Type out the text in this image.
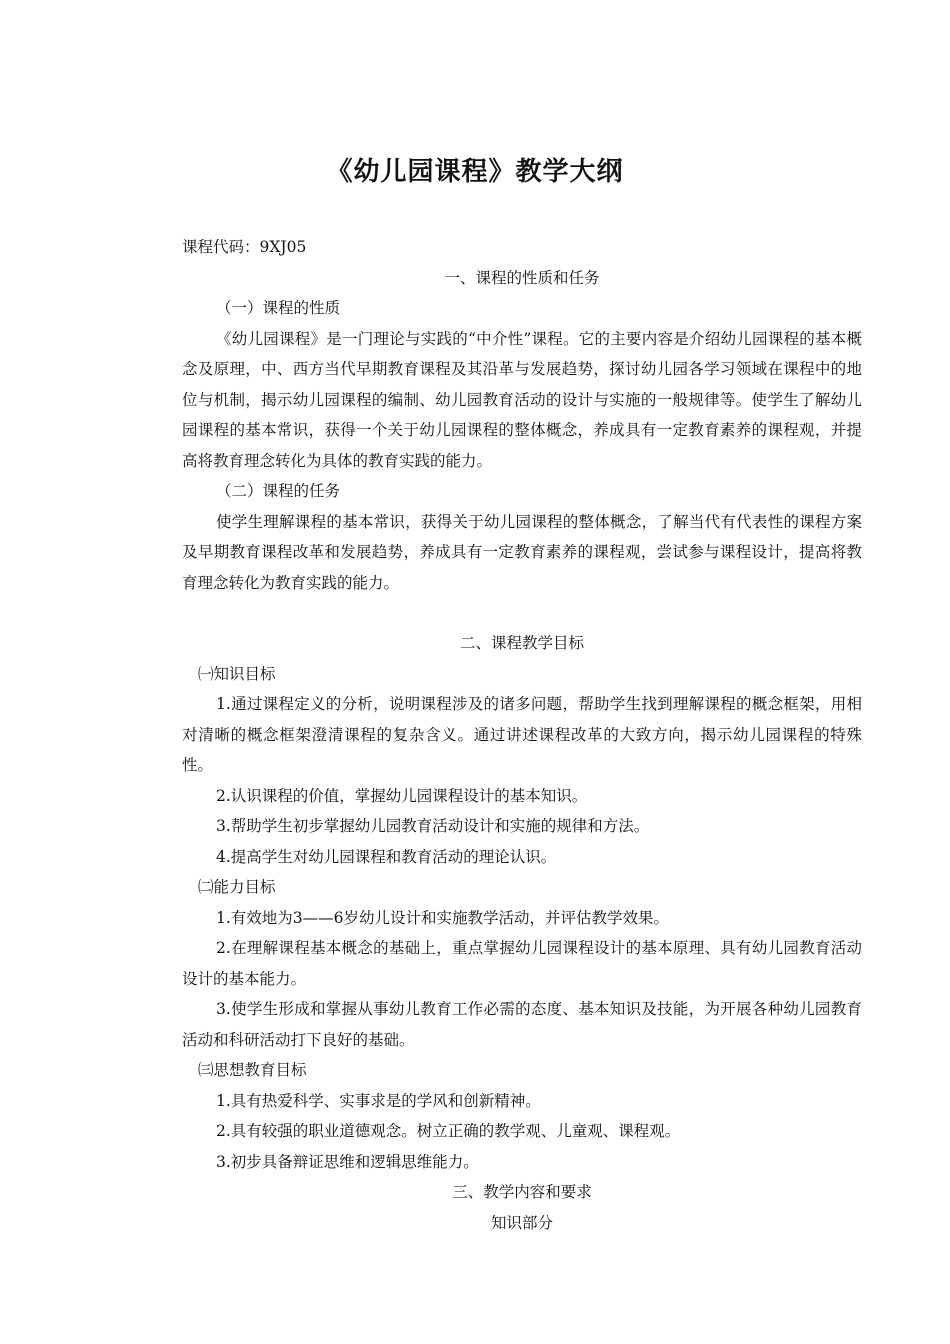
《幼儿园课程》教学大纲
课程代码：9XJ05
一、课程的性质和任务
（一）课程的性质
《幼儿园课程》是一门理论与实践的“中介性”课程。它的主要内容是介绍幼儿园课程的基本概念及原理，中、西方当代早期教育课程及其沿革与发展趋势，探讨幼儿园各学习领域在课程中的地位与机制，揭示幼儿园课程的编制、幼儿园教育活动的设计与实施的一般规律等。使学生了解幼儿园课程的基本常识，获得一个关于幼儿园课程的整体概念，养成具有一定教育素养的课程观，并提高将教育理念转化为具体的教育实践的能力。
（二）课程的任务
使学生理解课程的基本常识，获得关于幼儿园课程的整体概念，了解当代有代表性的课程方案及早期教育课程改革和发展趋势，养成具有一定教育素养的课程观，尝试参与课程设计，提高将教育理念转化为教育实践的能力。
二、课程教学目标
㈠知识目标
1.通过课程定义的分析，说明课程涉及的诸多问题，帮助学生找到理解课程的概念框架，用相对清晰的概念框架澄清课程的复杂含义。通过讲述课程改革的大致方向，揭示幼儿园课程的特殊性。
2.认识课程的价值，掌握幼儿园课程设计的基本知识。
3.帮助学生初步掌握幼儿园教育活动设计和实施的规律和方法。
4.提高学生对幼儿园课程和教育活动的理论认识。
㈡能力目标
1.有效地为3——6岁幼儿设计和实施教学活动，并评估教学效果。
2.在理解课程基本概念的基础上，重点掌握幼儿园课程设计的基本原理、具有幼儿园教育活动设计的基本能力。
3.使学生形成和掌握从事幼儿教育工作必需的态度、基本知识及技能，为开展各种幼儿园教育活动和科研活动打下良好的基础。
㈢思想教育目标
1.具有热爱科学、实事求是的学风和创新精神。
2.具有较强的职业道德观念。树立正确的教学观、儿童观、课程观。
3.初步具备辩证思维和逻辑思维能力。
三、教学内容和要求
知识部分
